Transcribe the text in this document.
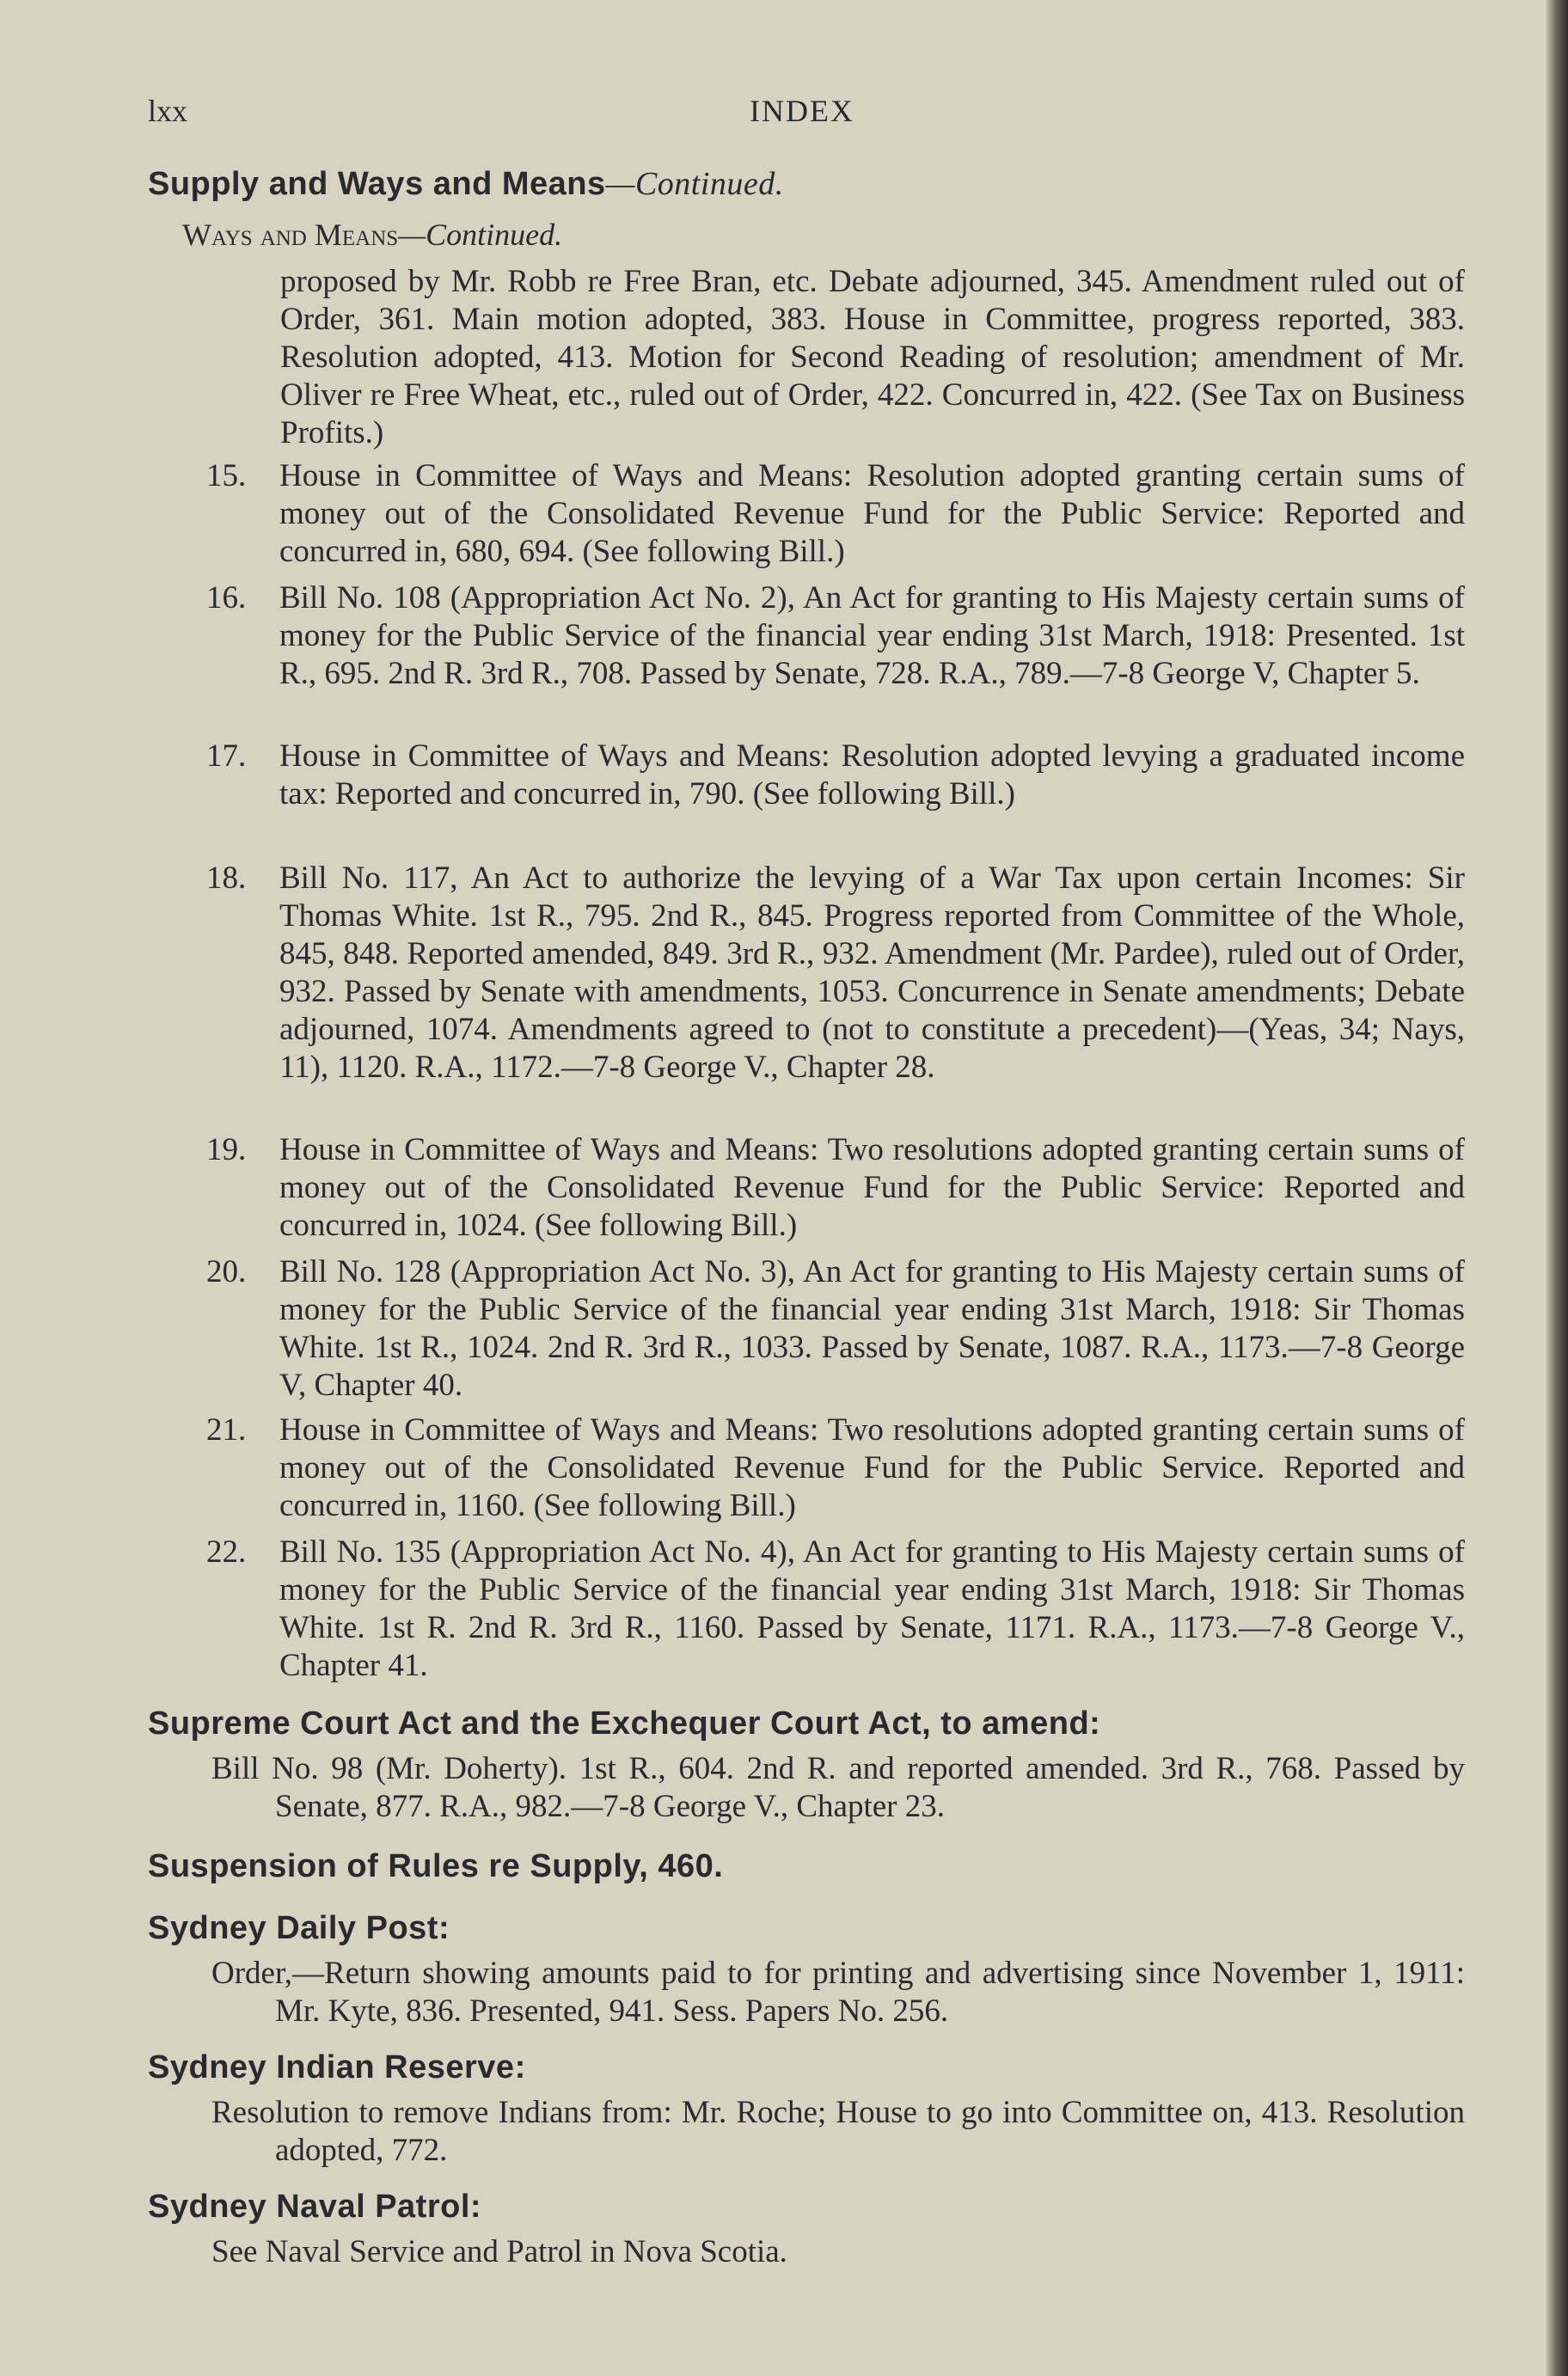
lxx	INDEX
Supply and Ways and Means—Continued.
Ways and Means—Continued.
proposed by Mr. Robb re Free Bran, etc. Debate adjourned, 345. Amendment ruled out of Order, 361. Main motion adopted, 383. House in Committee, progress reported, 383. Resolution adopted, 413. Motion for Second Reading of resolution; amendment of Mr. Oliver re Free Wheat, etc., ruled out of Order, 422. Concurred in, 422. (See Tax on Business Profits.)
15. House in Committee of Ways and Means: Resolution adopted granting certain sums of money out of the Consolidated Revenue Fund for the Public Service: Reported and concurred in, 680, 694. (See following Bill.)
16. Bill No. 108 (Appropriation Act No. 2), An Act for granting to His Majesty certain sums of money for the Public Service of the financial year ending 31st March, 1918: Presented. 1st R., 695. 2nd R. 3rd R., 708. Passed by Senate, 728. R.A., 789.—7-8 George V, Chapter 5.
17. House in Committee of Ways and Means: Resolution adopted levying a graduated income tax: Reported and concurred in, 790. (See following Bill.)
18. Bill No. 117, An Act to authorize the levying of a War Tax upon certain Incomes: Sir Thomas White. 1st R., 795. 2nd R., 845. Progress reported from Committee of the Whole, 845, 848. Reported amended, 849. 3rd R., 932. Amendment (Mr. Pardee), ruled out of Order, 932. Passed by Senate with amendments, 1053. Concurrence in Senate amendments; Debate adjourned, 1074. Amendments agreed to (not to constitute a precedent)—(Yeas, 34; Nays, 11), 1120. R.A., 1172.—7-8 George V., Chapter 28.
19. House in Committee of Ways and Means: Two resolutions adopted granting certain sums of money out of the Consolidated Revenue Fund for the Public Service: Reported and concurred in, 1024. (See following Bill.)
20. Bill No. 128 (Appropriation Act No. 3), An Act for granting to His Majesty certain sums of money for the Public Service of the financial year ending 31st March, 1918: Sir Thomas White. 1st R., 1024. 2nd R. 3rd R., 1033. Passed by Senate, 1087. R.A., 1173.—7-8 George V, Chapter 40.
21. House in Committee of Ways and Means: Two resolutions adopted granting certain sums of money out of the Consolidated Revenue Fund for the Public Service. Reported and concurred in, 1160. (See following Bill.)
22. Bill No. 135 (Appropriation Act No. 4), An Act for granting to His Majesty certain sums of money for the Public Service of the financial year ending 31st March, 1918: Sir Thomas White. 1st R. 2nd R. 3rd R., 1160. Passed by Senate, 1171. R.A., 1173.—7-8 George V., Chapter 41.
Supreme Court Act and the Exchequer Court Act, to amend:
Bill No. 98 (Mr. Doherty). 1st R., 604. 2nd R. and reported amended. 3rd R., 768. Passed by Senate, 877. R.A., 982.—7-8 George V., Chapter 23.
Suspension of Rules re Supply, 460.
Sydney Daily Post:
Order,—Return showing amounts paid to for printing and advertising since November 1, 1911: Mr. Kyte, 836. Presented, 941. Sess. Papers No. 256.
Sydney Indian Reserve:
Resolution to remove Indians from: Mr. Roche; House to go into Committee on, 413. Resolution adopted, 772.
Sydney Naval Patrol:
See Naval Service and Patrol in Nova Scotia.
